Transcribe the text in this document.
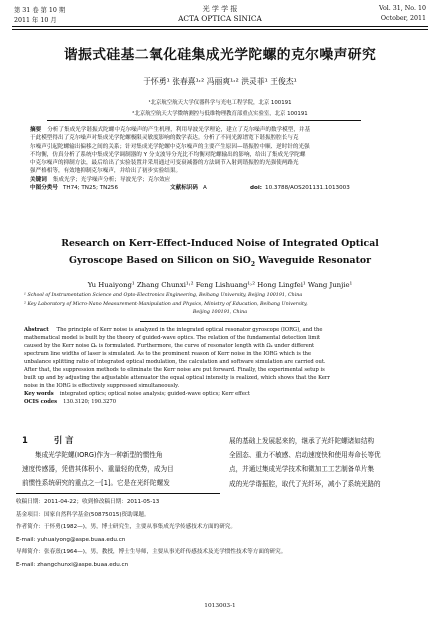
第 31 卷 第 10 期
2011 年 10 月
光 学 学 报
ACTA OPTICA SINICA
Vol. 31, No. 10
October, 2011
谐振式硅基二氧化硅集成光学陀螺的克尔噪声研究
于怀勇¹ 张春熹¹˒² 冯丽爽¹˒² 洪灵菲¹ 王俊杰¹
¹北京航空航天大学仪器科学与光电工程学院，北京 100191
²北京航空航天大学微纳测控与低维物理教育部重点实验室，北京 100191
摘要 分析了集成光学谐振式陀螺中克尔噪声的产生机理，利用导波光学理论，建立了克尔噪声的数学模型，并基
于此模型得出了克尔噪声对集成光学陀螺极限灵敏度影响的数学表达。分析了不同光源谱宽下谐振腔腔长与克
尔噪声引起陀螺输出偏移之间的关系；针对集成光学陀螺中克尔噪声的主要产生原因—谐振腔中顺、逆时针的光强
不均衡，仿真分析了系统中集成光学调制器的 Y 分支波导分光比不均衡对陀螺输出的影响，给出了集成光学陀螺
中克尔噪声的抑制方法，最后给出了实验装置并采用通过可变衰减器的方法调节入射到谐振腔的光强使两路光
强严格相等，有效地抑制克尔噪声，并给出了初步实验结果。
关键词 集成光学；光学噪声分析；导波光学；克尔效应
中图分类号 TH74; TN25; TN256	文献标识码 A	doi: 10.3788/AOS201131.1013003
Research on Kerr-Effect-Induced Noise of Integrated Optical
Gyroscope Based on Silicon on SiO$_2$ Waveguide Resonator
Yu Huaiyong¹ Zhang Chunxi¹˒² Feng Lishuang¹˒² Hong Lingfei¹ Wang Junjie¹
¹ School of Instrumentation Science and Opto-Electronics Engineering, Beihang University, Beijing 100191, China
² Key Laboratory of Micro-Nano Measurement-Manipulation and Physics, Ministry of Education, Beihang University,
Beijing 100191, China
Abstract The principle of Kerr noise is analyzed in the integrated optical resonator gyroscope (IORG), and the
mathematical model is built by the theory of guided-wave optics. The relation of the fundamental detection limit
caused by the Kerr noise Ωₖ is formulated. Furthermore, the curve of resonator length with Ωₖ under different
spectrum line widths of laser is simulated. As to the prominent reason of Kerr noise in the IORG which is the
unbalance splitting ratio of integrated optical modulation, the calculation and software simulation are carried out.
After that, the suppression methods to eliminate the Kerr noise are put forward. Finally, the experimental setup is
built up and by adjusting the adjustable attenuator the equal optical intensity is realized, which shows that the Kerr
noise in the IORG is effectively suppressed simultaneously.
Key words integrated optics; optical noise analysis; guided-wave optics; Kerr effect
OCIS codes 130.3120; 190.3270
1	引 言
集成光学陀螺(IORG)作为一种新型的惯性角
速度传感器，凭借其体积小、重量轻的优势，成为目
前惯性系统研究的重点之一[1]。它是在光纤陀螺发
展的基础上发展起来的，继承了光纤陀螺诸如结构
全固态、重力不敏感、启动速度快和使用寿命长等优
点，并通过集成光学技术和微加工工艺制备单片集
成的光学谐振腔，取代了光纤环，减小了系统光路的
收稿日期：2011-04-22；收到修改稿日期：2011-05-13
基金项目：国家自然科学基金(50875015)资助课题。
作者简介：于怀勇(1982—)，男，博士研究生，主要从事集成光学传感技术方面的研究。
E-mail: yuhuaiyong@aspe.buaa.edu.cn
导师简介：张春熹(1964—)，男，教授，博士生导师，主要从事光纤传感技术及光学惯性技术等方面的研究。
E-mail: zhangchunxi@aspe.buaa.edu.cn
1013003-1
